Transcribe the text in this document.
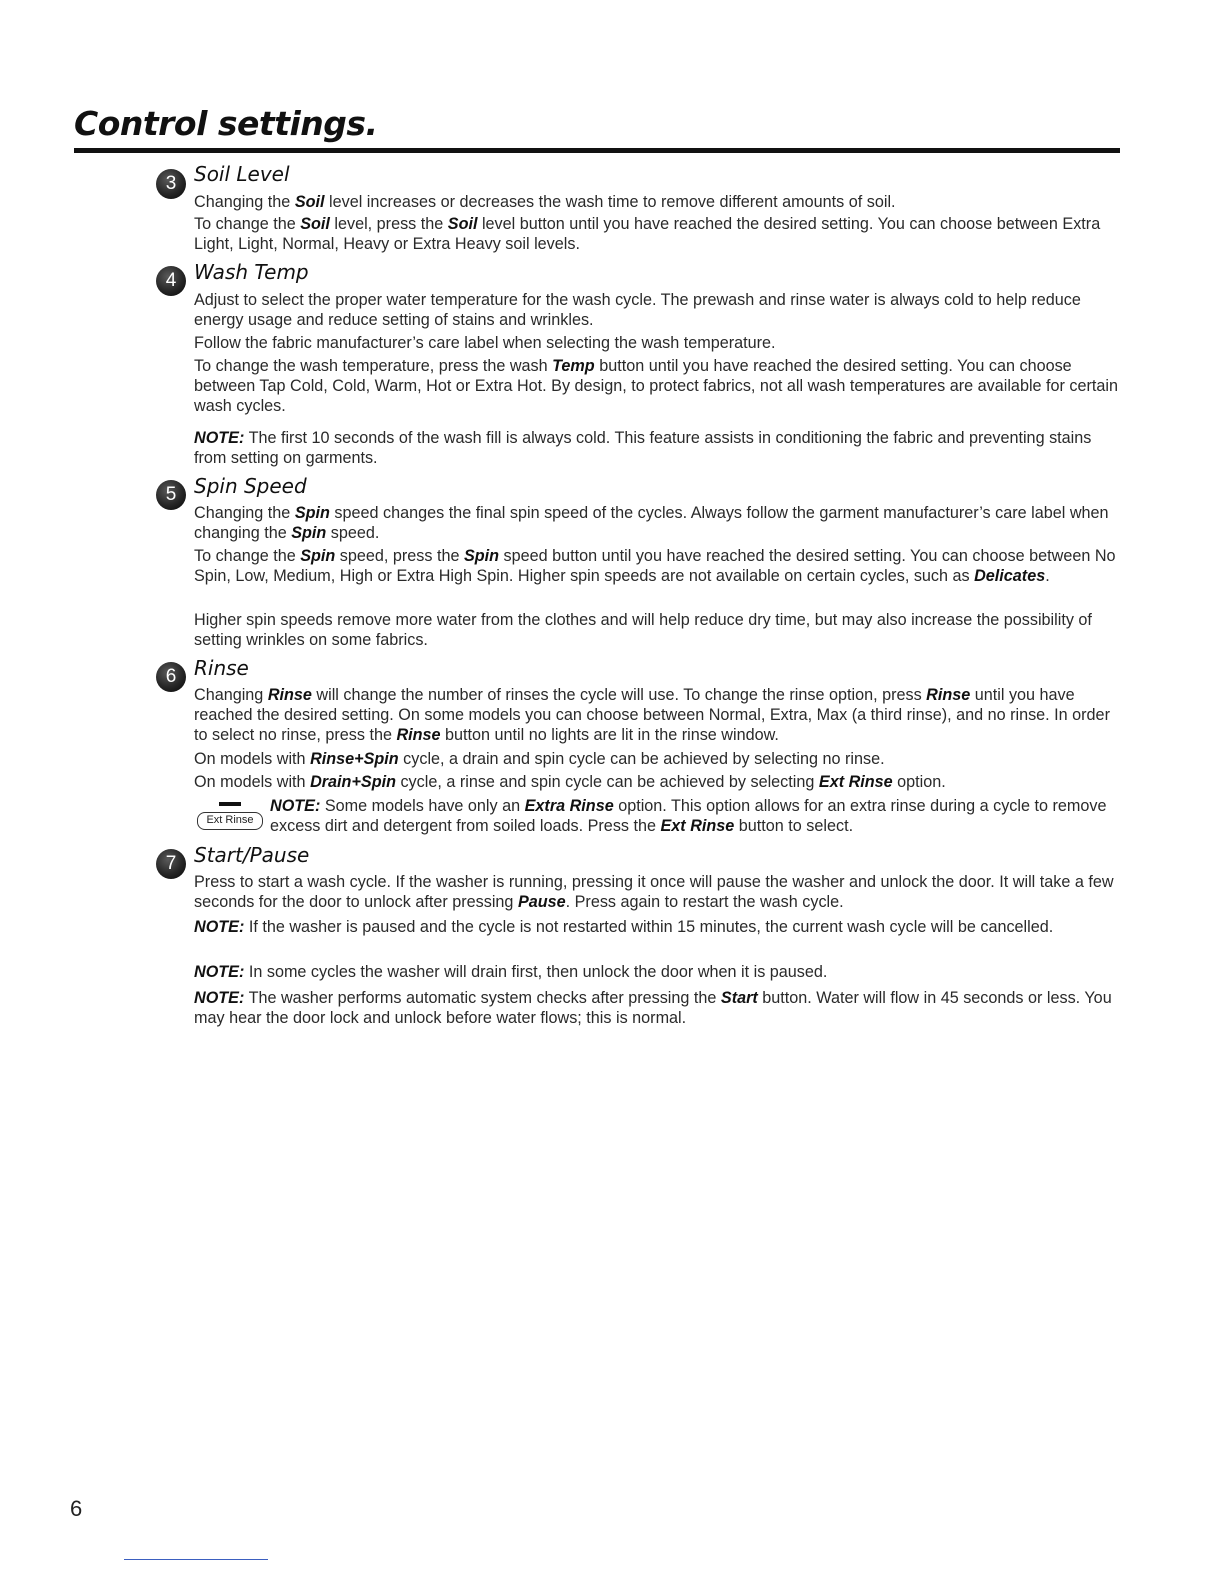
Control settings.
3 Soil Level

Changing the Soil level increases or decreases the wash time to remove different amounts of soil.

To change the Soil level, press the Soil level button until you have reached the desired setting. You can choose between Extra Light, Light, Normal, Heavy or Extra Heavy soil levels.

4 Wash Temp

Adjust to select the proper water temperature for the wash cycle. The prewash and rinse water is always cold to help reduce energy usage and reduce setting of stains and wrinkles.

Follow the fabric manufacturer’s care label when selecting the wash temperature.

To change the wash temperature, press the wash Temp button until you have reached the desired setting. You can choose between Tap Cold, Cold, Warm, Hot or Extra Hot. By design, to protect fabrics, not all wash temperatures are available for certain wash cycles.

NOTE: The first 10 seconds of the wash fill is always cold. This feature assists in conditioning the fabric and preventing stains from setting on garments.

5 Spin Speed

Changing the Spin speed changes the final spin speed of the cycles. Always follow the garment manufacturer’s care label when changing the Spin speed.

To change the Spin speed, press the Spin speed button until you have reached the desired setting. You can choose between No Spin, Low, Medium, High or Extra High Spin. Higher spin speeds are not available on certain cycles, such as Delicates.

Higher spin speeds remove more water from the clothes and will help reduce dry time, but may also increase the possibility of setting wrinkles on some fabrics.

6 Rinse

Changing Rinse will change the number of rinses the cycle will use. To change the rinse option, press Rinse until you have reached the desired setting. On some models you can choose between Normal, Extra, Max (a third rinse), and no rinse. In order to select no rinse, press the Rinse button until no lights are lit in the rinse window.

On models with Rinse+Spin cycle, a drain and spin cycle can be achieved by selecting no rinse.

On models with Drain+Spin cycle, a rinse and spin cycle can be achieved by selecting Ext Rinse option.

Ext Rinse

NOTE: Some models have only an Extra Rinse option. This option allows for an extra rinse during a cycle to remove excess dirt and detergent from soiled loads. Press the Ext Rinse button to select.

7 Start/Pause

Press to start a wash cycle. If the washer is running, pressing it once will pause the washer and unlock the door. It will take a few seconds for the door to unlock after pressing Pause. Press again to restart the wash cycle.

NOTE: If the washer is paused and the cycle is not restarted within 15 minutes, the current wash cycle will be cancelled.

NOTE: In some cycles the washer will drain first, then unlock the door when it is paused.

NOTE: The washer performs automatic system checks after pressing the Start button. Water will flow in 45 seconds or less. You may hear the door lock and unlock before water flows; this is normal.

6
